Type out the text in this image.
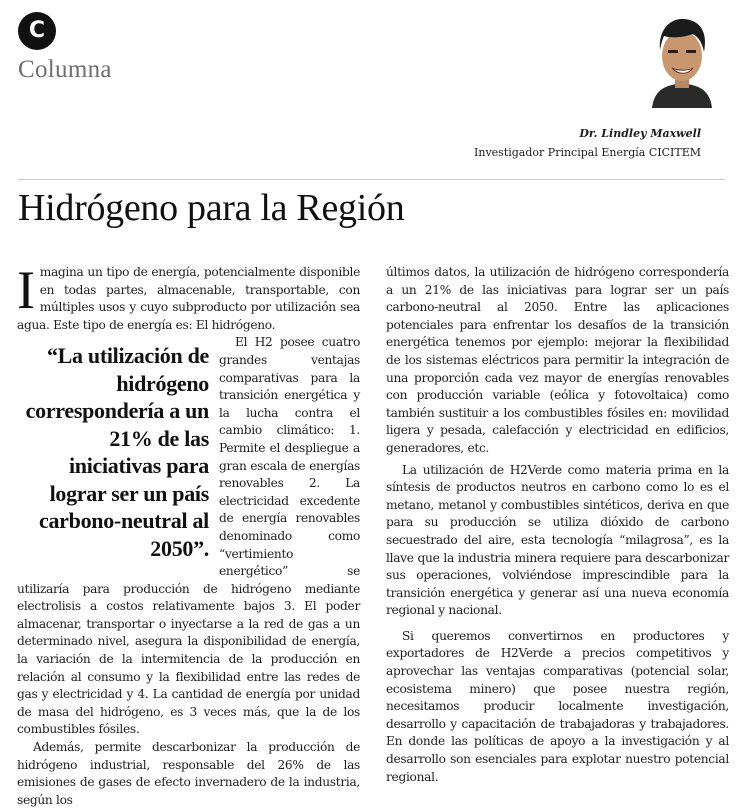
C
Columna
Dr. Lindley Maxwell
Investigador Principal Energía CICITEM
Hidrógeno para la Región

Imagina un tipo de energía, potencialmente disponible en todas partes, almacenable, transportable, con múltiples usos y cuyo subproducto por utilización sea agua. Este tipo de energía es: El hidrógeno.

“La utilización de hidrógeno correspondería a un 21% de las iniciativas para lograr ser un país carbono-neutral al 2050”.
El H2 posee cuatro grandes ventajas comparativas para la transición energética y la lucha contra el cambio climático: 1. Permite el despliegue a gran escala de energías renovables 2. La electricidad excedente de energía renovables denominado como “vertimiento energético” se utilizaría para producción de hidrógeno mediante electrolisis a costos relativamente bajos 3. El poder almacenar, transportar o inyectarse a la red de gas a un determinado nivel, asegura la disponibilidad de energía, la variación de la intermitencia de la producción en relación al consumo y la flexibilidad entre las redes de gas y electricidad y 4. La cantidad de energía por unidad de masa del hidrógeno, es 3 veces más, que la de los combustibles fósiles.

Además, permite descarbonizar la producción de hidrógeno industrial, responsable del 26% de las emisiones de gases de efecto invernadero de la industria, según los

últimos datos, la utilización de hidrógeno correspondería a un 21% de las iniciativas para lograr ser un país carbono-neutral al 2050. Entre las aplicaciones potenciales para enfrentar los desafíos de la transición energética tenemos por ejemplo: mejorar la flexibilidad de los sistemas eléctricos para permitir la integración de una proporción cada vez mayor de energías renovables con producción variable (eólica y fotovoltaica) como también sustituir a los combustibles fósiles en: movilidad ligera y pesada, calefacción y electricidad en edificios, generadores, etc.

La utilización de H2Verde como materia prima en la síntesis de productos neutros en carbono como lo es el metano, metanol y combustibles sintéticos, deriva en que para su producción se utiliza dióxido de carbono secuestrado del aire, esta tecnología “milagrosa”, es la llave que la industria minera requiere para descarbonizar sus operaciones, volviéndose imprescindible para la transición energética y generar así una nueva economía regional y nacional.

Si queremos convertirnos en productores y exportadores de H2Verde a precios competitivos y aprovechar las ventajas comparativas (potencial solar, ecosistema minero) que posee nuestra región, necesitamos producir localmente investigación, desarrollo y capacitación de trabajadoras y trabajadores. En donde las políticas de apoyo a la investigación y al desarrollo son esenciales para explotar nuestro potencial regional.
